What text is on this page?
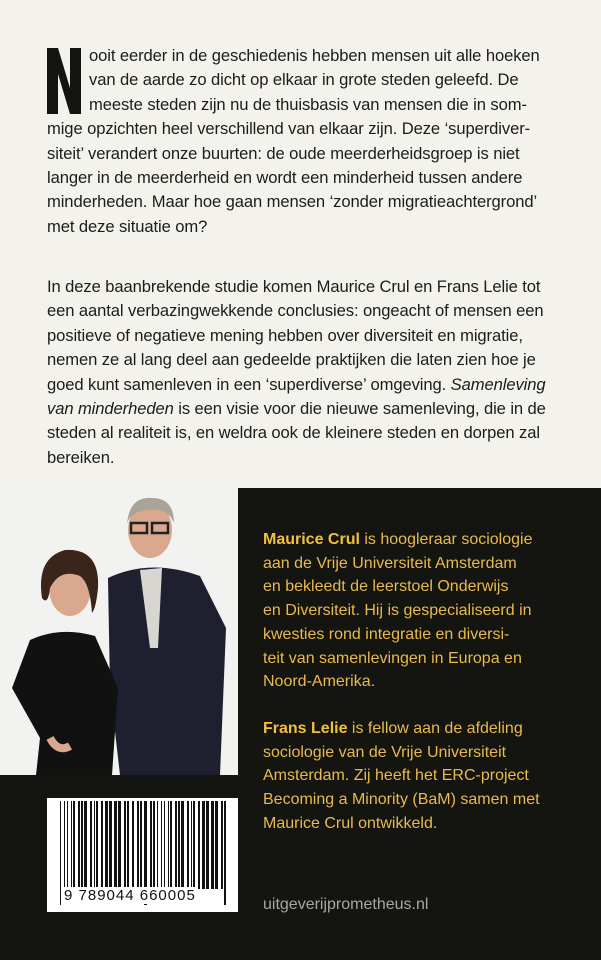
ooit eerder in de geschiedenis hebben mensen uit alle hoeken
van de aarde zo dicht op elkaar in grote steden geleefd. De
meeste steden zijn nu de thuisbasis van mensen die in som-
mige opzichten heel verschillend van elkaar zijn. Deze ‘superdiver-
siteit’ verandert onze buurten: de oude meerderheidsgroep is niet
langer in de meerderheid en wordt een minderheid tussen andere
minderheden. Maar hoe gaan mensen ‘zonder migratieachtergrond’
met deze situatie om?
In deze baanbrekende studie komen Maurice Crul en Frans Lelie tot
een aantal verbazingwekkende conclusies: ongeacht of mensen een
positieve of negatieve mening hebben over diversiteit en migratie,
nemen ze al lang deel aan gedeelde praktijken die laten zien hoe je
goed kunt samenleven in een ‘superdiverse’ omgeving. Samenleving
van minderheden is een visie voor die nieuwe samenleving, die in de
steden al realiteit is, en weldra ook de kleinere steden en dorpen zal
bereiken.
9 789044 660005
Maurice Crul is hoogleraar sociologie
aan de Vrije Universiteit Amsterdam
en bekleedt de leerstoel Onderwijs
en Diversiteit. Hij is gespecialiseerd in
kwesties rond integratie en diversi-
teit van samenlevingen in Europa en
Noord-Amerika.
Frans Lelie is fellow aan de afdeling
sociologie van de Vrije Universiteit
Amsterdam. Zij heeft het ERC-project
Becoming a Minority (BaM) samen met
Maurice Crul ontwikkeld.
uitgeverijprometheus.nl
